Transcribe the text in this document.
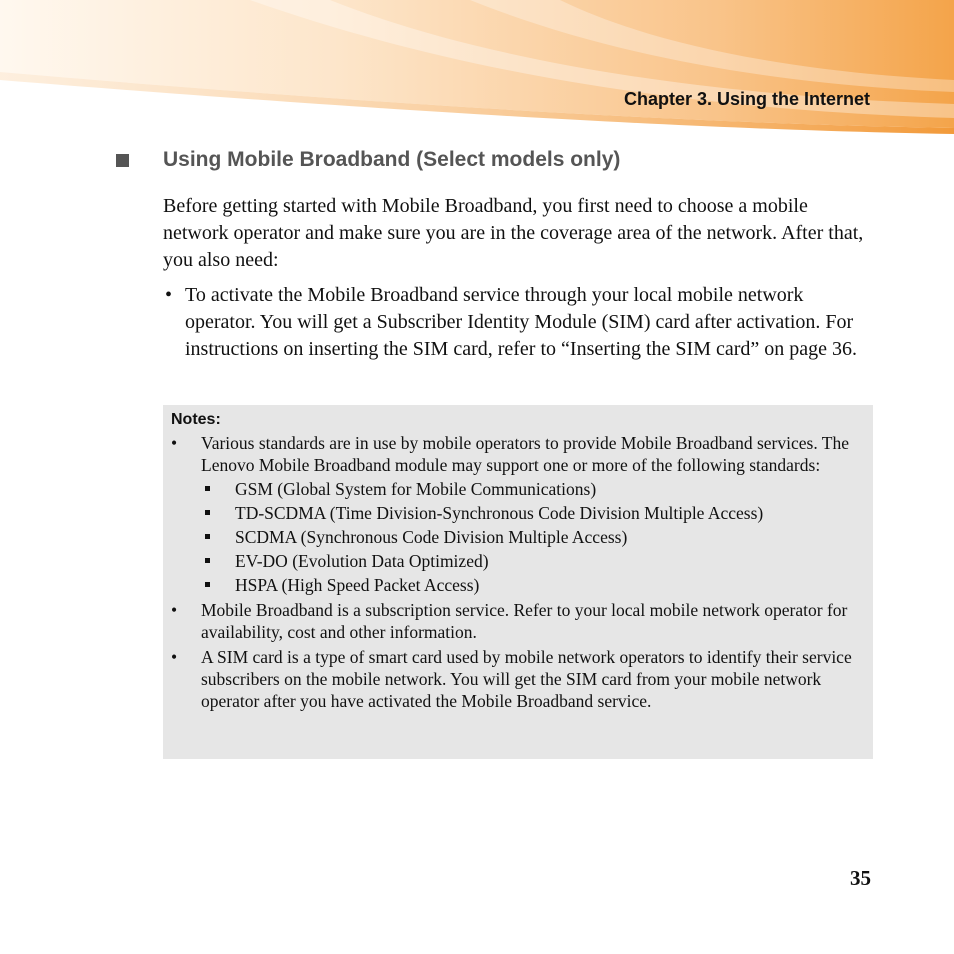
Chapter 3. Using the Internet
Using Mobile Broadband (Select models only)

Before getting started with Mobile Broadband, you first need to choose a mobile network operator and make sure you are in the coverage area of the network. After that, you also need:

• To activate the Mobile Broadband service through your local mobile network operator. You will get a Subscriber Identity Module (SIM) card after activation. For instructions on inserting the SIM card, refer to “Inserting the SIM card” on page 36.
Notes:
• Various standards are in use by mobile operators to provide Mobile Broadband services. The Lenovo Mobile Broadband module may support one or more of the following standards:
GSM (Global System for Mobile Communications)
TD-SCDMA (Time Division-Synchronous Code Division Multiple Access)
SCDMA (Synchronous Code Division Multiple Access)
EV-DO (Evolution Data Optimized)
HSPA (High Speed Packet Access)
• Mobile Broadband is a subscription service. Refer to your local mobile network operator for availability, cost and other information.
• A SIM card is a type of smart card used by mobile network operators to identify their service subscribers on the mobile network. You will get the SIM card from your mobile network operator after you have activated the Mobile Broadband service.
35
